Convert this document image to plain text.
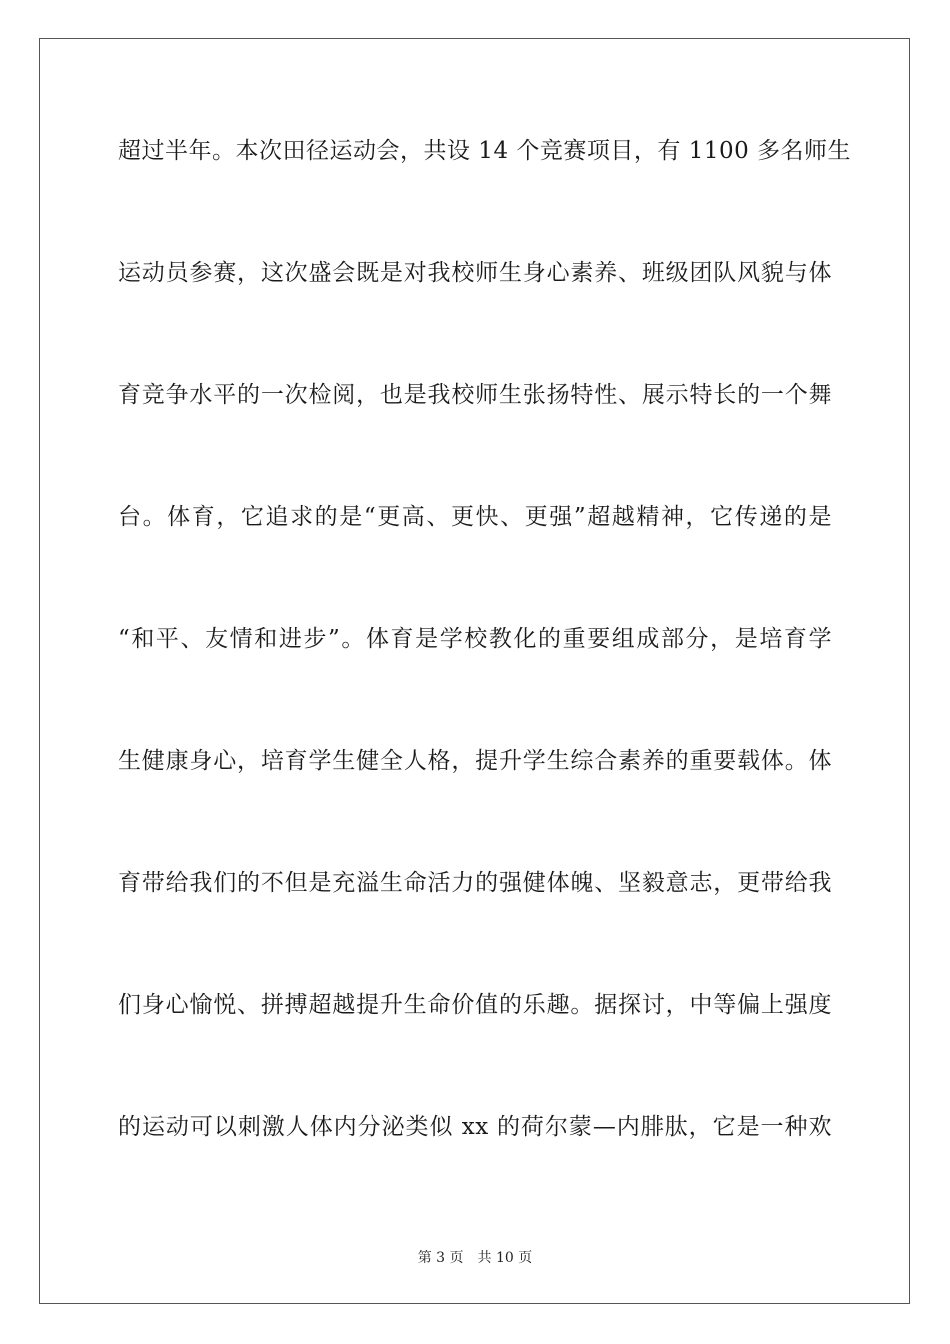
超过半年。本次田径运动会，共设 14 个竞赛项目，有 1100 多名师生
运动员参赛，这次盛会既是对我校师生身心素养、班级团队风貌与体
育竞争水平的一次检阅，也是我校师生张扬特性、展示特长的一个舞
台。体育，它追求的是“更高、更快、更强”超越精神，它传递的是
“和平、友情和进步”。体育是学校教化的重要组成部分，是培育学
生健康身心，培育学生健全人格，提升学生综合素养的重要载体。体
育带给我们的不但是充溢生命活力的强健体魄、坚毅意志，更带给我
们身心愉悦、拼搏超越提升生命价值的乐趣。据探讨，中等偏上强度
的运动可以刺激人体内分泌类似 xx 的荷尔蒙—内腓肽，它是一种欢
第 3 页 共 10 页
